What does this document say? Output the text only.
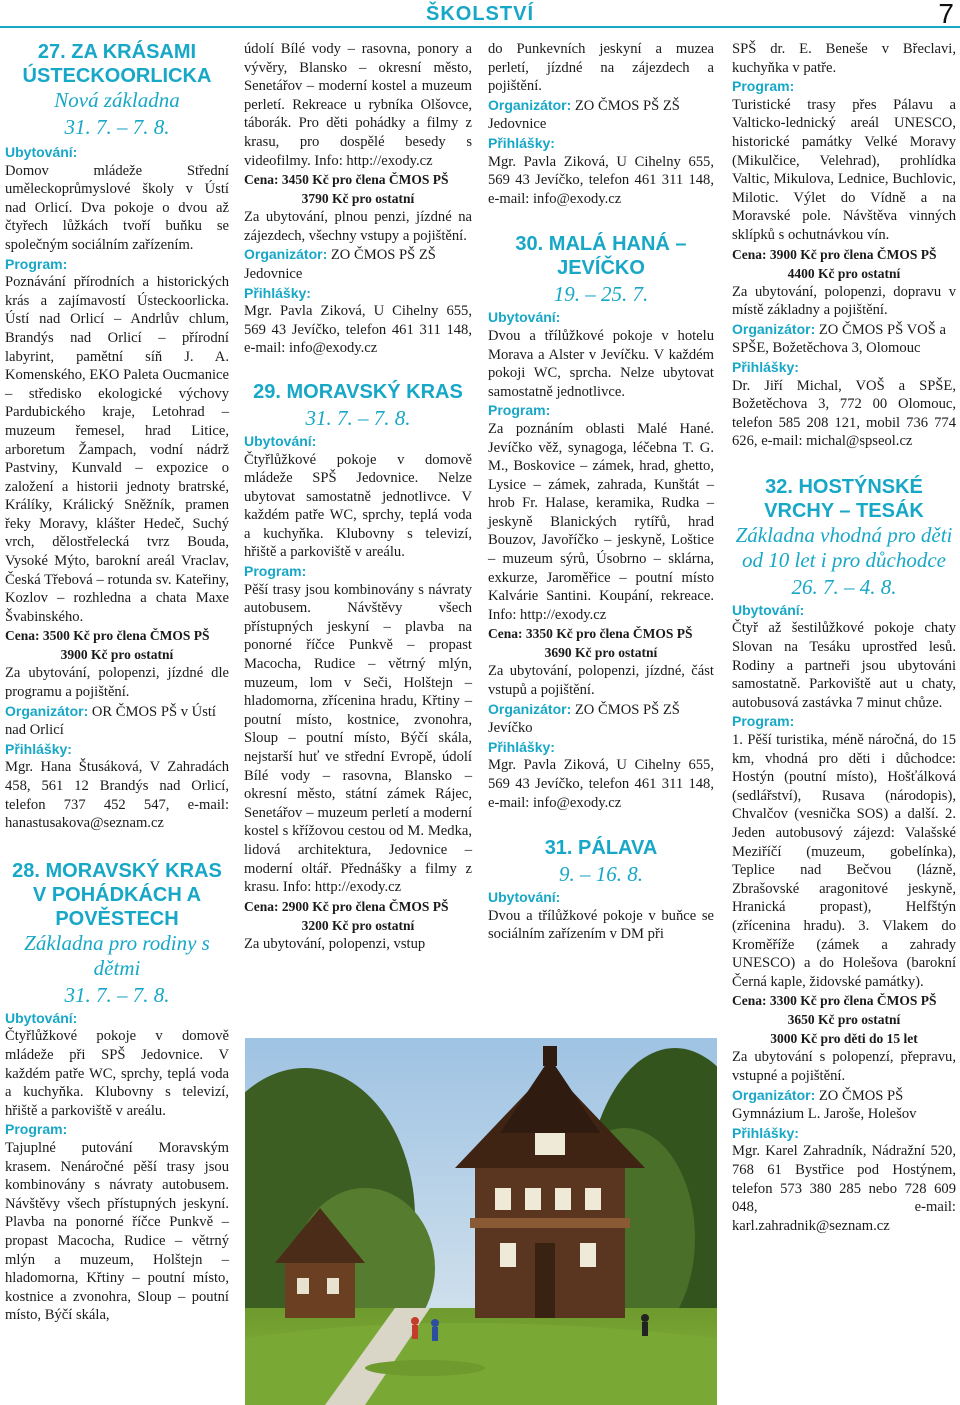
ŠKOLSTVÍ	7

27. ZA KRÁSAMI ÚSTECKOORLICKA

Nová základna

31. 7. – 7. 8.

Ubytování:

Domov mládeže Střední uměleckoprůmyslové školy v Ústí nad Orlicí. Dva pokoje o dvou až čtyřech lůžkách tvoří buňku se společným sociálním zařízením.

Program:

Poznávání přírodních a historických krás a zajímavostí Ústeckoorlicka. Ústí nad Orlicí – Andrlův chlum, Brandýs nad Orlicí – přírodní labyrint, pamětní síň J. A. Komenského, EKO Paleta Oucmanice – středisko ekologické výchovy Pardubického kraje, Letohrad – muzeum řemesel, hrad Litice, arboretum Žampach, vodní nádrž Pastviny, Kunvald – expozice o založení a historii jednoty bratrské, Králíky, Králický Sněžník, pramen řeky Moravy, klášter Hedeč, Suchý vrch, dělostřelecká tvrz Bouda, Vysoké Mýto, barokní areál Vraclav, Česká Třebová – rotunda sv. Kateřiny, Kozlov – rozhledna a chata Maxe Švabinského.

Cena: 3500 Kč pro člena ČMOS PŠ

3900 Kč pro ostatní

Za ubytování, polopenzi, jízdné dle programu a pojištění.

Organizátor: OR ČMOS PŠ v Ústí nad Orlicí
Přihlášky:

Mgr. Hana Štusáková, V Zahradách 458, 561 12 Brandýs nad Orlicí, telefon 737 452 547, e-mail: hanastusakova@seznam.cz

28. MORAVSKÝ KRAS V POHÁDKÁCH A POVĚSTECH

Základna pro rodiny s dětmi

31. 7. – 7. 8.

Ubytování:

Čtyřlůžkové pokoje v domově mládeže při SPŠ Jedovnice. V každém patře WC, sprchy, teplá voda a kuchyňka. Klubovny s televizí, hřiště a parkoviště v areálu.

Program:

Tajuplné putování Moravským krasem. Nenáročné pěší trasy jsou kombinovány s návraty autobusem. Návštěvy všech přístupných jeskyní. Plavba na ponorné říčce Punkvě – propast Macocha, Rudice – větrný mlýn a muzeum, Holštejn – hladomorna, Křtiny – poutní místo, kostnice a zvonohra, Sloup – poutní místo, Býčí skála,

údolí Bílé vody – rasovna, ponory a vývěry, Blansko – okresní město, Senetářov – moderní kostel a muzeum perletí. Rekreace u rybníka Olšovce, táborák. Pro děti pohádky a filmy z krasu, pro dospělé besedy s videofilmy. Info: http://exody.cz

Cena: 3450 Kč pro člena ČMOS PŠ

3790 Kč pro ostatní

Za ubytování, plnou penzi, jízdné na zájezdech, všechny vstupy a pojištění.

Organizátor: ZO ČMOS PŠ ZŠ Jedovnice
Přihlášky:

Mgr. Pavla Ziková, U Cihelny 655, 569 43 Jevíčko, telefon 461 311 148, e-mail: info@exody.cz

29. MORAVSKÝ KRAS

31. 7. – 7. 8.

Ubytování:

Čtyřlůžkové pokoje v domově mládeže SPŠ Jedovnice. Nelze ubytovat samostatně jednotlivce. V každém patře WC, sprchy, teplá voda a kuchyňka. Klubovny s televizí, hřiště a parkoviště v areálu.

Program:

Pěší trasy jsou kombinovány s návraty autobusem. Návštěvy všech přístupných jeskyní – plavba na ponorné říčce Punkvě – propast Macocha, Rudice – větrný mlýn, muzeum, lom v Seči, Holštejn – hladomorna, zřícenina hradu, Křtiny – poutní místo, kostnice, zvonohra, Sloup – poutní místo, Býčí skála, nejstarší huť ve střední Evropě, údolí Bílé vody – rasovna, Blansko – okresní město, státní zámek Rájec, Senetářov – muzeum perletí a moderní kostel s křížovou cestou od M. Medka, lidová architektura, Jedovnice – moderní oltář. Přednášky a filmy z krasu. Info: http://exody.cz

Cena: 2900 Kč pro člena ČMOS PŠ

3200 Kč pro ostatní

Za ubytování, polopenzi, vstup

do Punkevních jeskyní a muzea perletí, jízdné na zájezdech a pojištění.

Organizátor: ZO ČMOS PŠ ZŠ Jedovnice
Přihlášky:

Mgr. Pavla Ziková, U Cihelny 655, 569 43 Jevíčko, telefon 461 311 148, e-mail: info@exody.cz

30. MALÁ HANÁ – JEVÍČKO

19. – 25. 7.

Ubytování:

Dvou a třílůžkové pokoje v hotelu Morava a Alster v Jevíčku. V každém pokoji WC, sprcha. Nelze ubytovat samostatně jednotlivce.

Program:

Za poznáním oblasti Malé Hané. Jevíčko věž, synagoga, léčebna T. G. M., Boskovice – zámek, hrad, ghetto, Lysice – zámek, zahrada, Kunštát – hrob Fr. Halase, keramika, Rudka – jeskyně Blanických rytířů, hrad Bouzov, Javoříčko – jeskyně, Loštice – muzeum sýrů, Úsobrno – sklárna, exkurze, Jaroměřice – poutní místo Kalvárie Santini. Koupání, rekreace. Info: http://exody.cz

Cena: 3350 Kč pro člena ČMOS PŠ

3690 Kč pro ostatní

Za ubytování, polopenzi, jízdné, část vstupů a pojištění.

Organizátor: ZO ČMOS PŠ ZŠ Jevíčko
Přihlášky:

Mgr. Pavla Ziková, U Cihelny 655, 569 43 Jevíčko, telefon 461 311 148, e-mail: info@exody.cz

31. PÁLAVA

9. – 16. 8.

Ubytování:

Dvou a třílůžkové pokoje v buňce se sociálním zařízením v DM při

SPŠ dr. E. Beneše v Břeclavi, kuchyňka v patře.

Program:

Turistické trasy přes Pálavu a Valticko-lednický areál UNESCO, historické památky Velké Moravy (Mikulčice, Velehrad), prohlídka Valtic, Mikulova, Lednice, Buchlovic, Milotic. Výlet do Vídně a na Moravské pole. Návštěva vinných sklípků s ochutnávkou vín.

Cena: 3900 Kč pro člena ČMOS PŠ

4400 Kč pro ostatní

Za ubytování, polopenzi, dopravu v místě základny a pojištění.

Organizátor: ZO ČMOS PŠ VOŠ a SPŠE, Božetěchova 3, Olomouc
Přihlášky:

Dr. Jiří Michal, VOŠ a SPŠE, Božetěchova 3, 772 00 Olomouc, telefon 585 208 121, mobil 736 774 626, e-mail: michal@spseol.cz

32. HOSTÝNSKÉ VRCHY – TESÁK

Základna vhodná pro děti od 10 let i pro důchodce

26. 7. – 4. 8.

Ubytování:

Čtyř až šestilůžkové pokoje chaty Slovan na Tesáku uprostřed lesů. Rodiny a partneři jsou ubytováni samostatně. Parkoviště aut u chaty, autobusová zastávka 7 minut chůze.

Program:

1. Pěší turistika, méně náročná, do 15 km, vhodná pro děti i důchodce: Hostýn (poutní místo), Hošťálková (sedlářství), Rusava (národopis), Chvalčov (vesnička SOS) a další. 2. Jeden autobusový zájezd: Valašské Meziříčí (muzeum, gobelínka), Teplice nad Bečvou (lázně, Zbrašovské aragonitové jeskyně, Hranická propast), Helfštýn (zřícenina hradu). 3. Vlakem do Kroměříže (zámek a zahrady UNESCO) a do Holešova (barokní Černá kaple, židovské památky).

Cena: 3300 Kč pro člena ČMOS PŠ

3650 Kč pro ostatní

3000 Kč pro děti do 15 let

Za ubytování s polopenzí, přepravu, vstupné a pojištění.

Organizátor: ZO ČMOS PŠ Gymnázium L. Jaroše, Holešov
Přihlášky:

Mgr. Karel Zahradník, Nádražní 520, 768 61 Bystřice pod Hostýnem, telefon 573 380 285 nebo 728 609 048, e-mail: karl.zahradnik@seznam.cz
